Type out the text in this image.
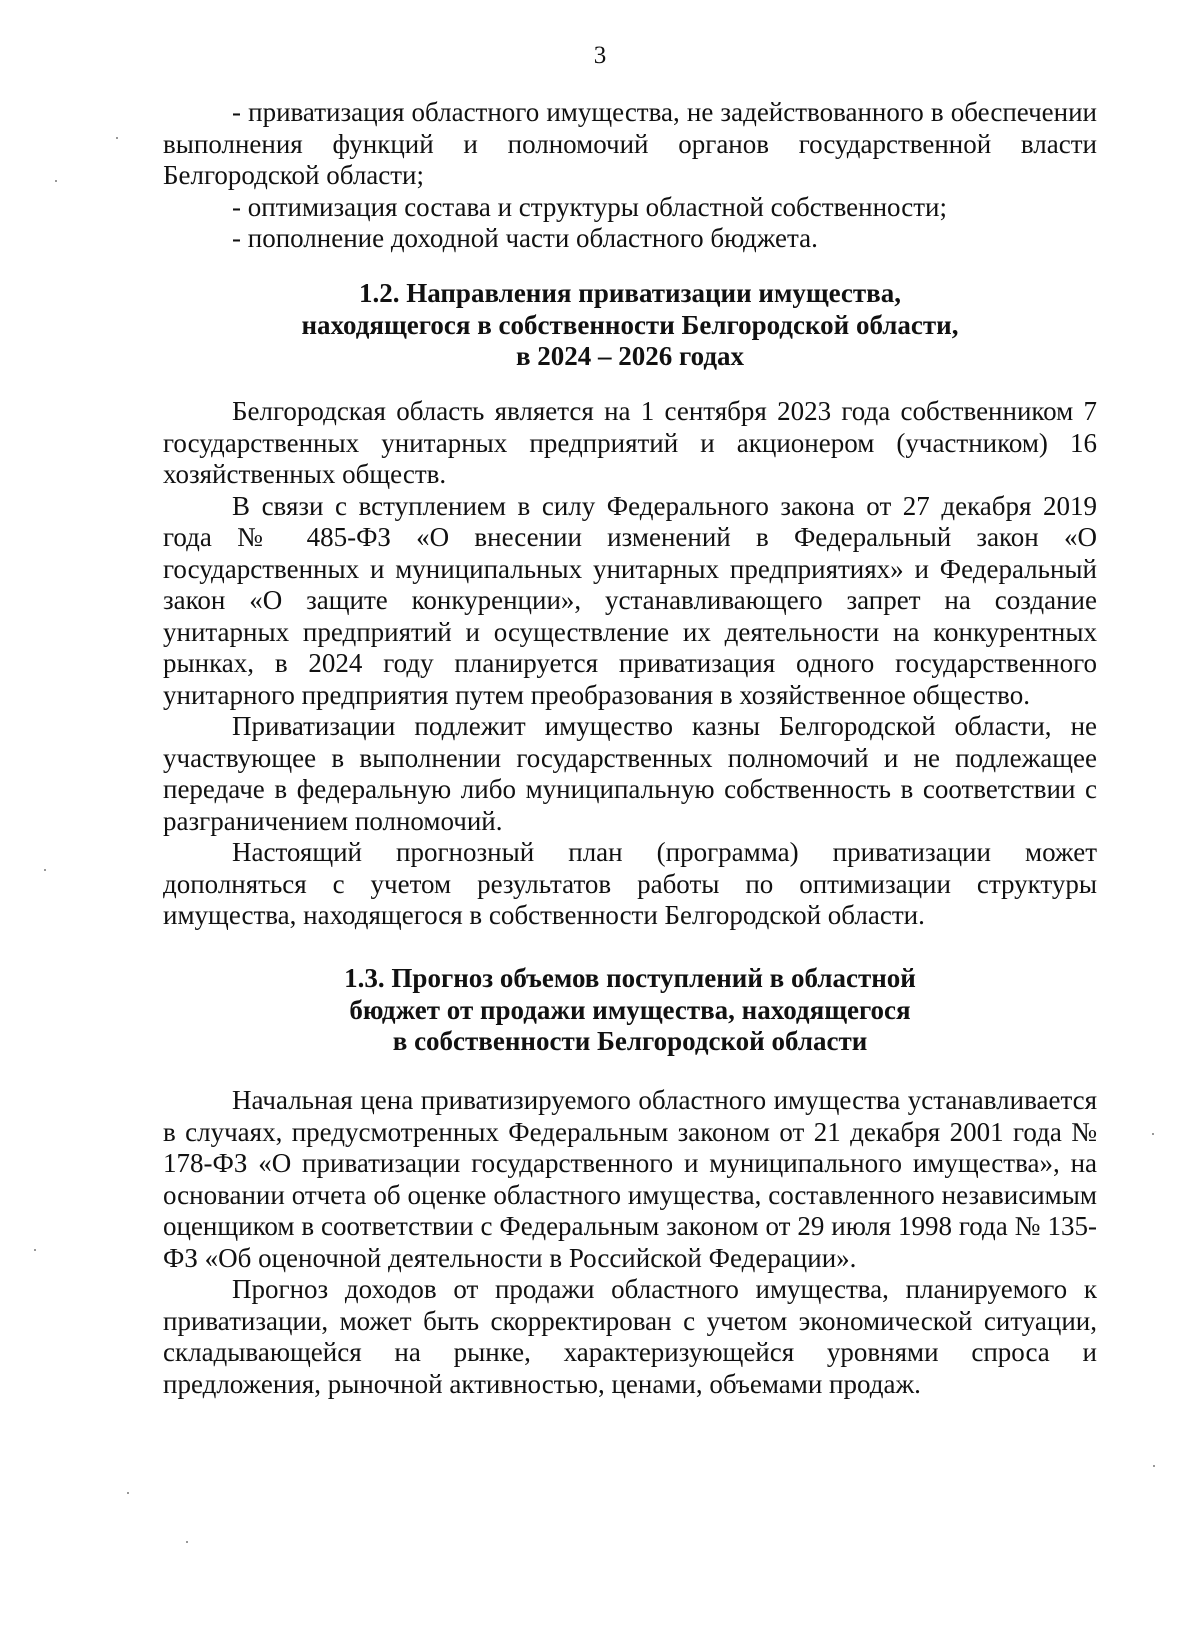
3

- приватизация областного имущества, не задействованного в обеспечении выполнения функций и полномочий органов государственной власти Белгородской области;

- оптимизация состава и структуры областной собственности;

- пополнение доходной части областного бюджета.

1.2. Направления приватизации имущества,
находящегося в собственности Белгородской области,
в 2024 – 2026 годах

Белгородская область является на 1 сентября 2023 года собственником 7 государственных унитарных предприятий и акционером (участником) 16 хозяйственных обществ.

В связи с вступлением в силу Федерального закона от 27 декабря 2019 года № 485-ФЗ «О внесении изменений в Федеральный закон «О государственных и муниципальных унитарных предприятиях» и Федеральный закон «О защите конкуренции», устанавливающего запрет на создание унитарных предприятий и осуществление их деятельности на конкурентных рынках, в 2024 году планируется приватизация одного государственного унитарного предприятия путем преобразования в хозяйственное общество.

Приватизации подлежит имущество казны Белгородской области, не участвующее в выполнении государственных полномочий и не подлежащее передаче в федеральную либо муниципальную собственность в соответствии с разграничением полномочий.

Настоящий прогнозный план (программа) приватизации может дополняться с учетом результатов работы по оптимизации структуры имущества, находящегося в собственности Белгородской области.

1.3. Прогноз объемов поступлений в областной
бюджет от продажи имущества, находящегося
в собственности Белгородской области

Начальная цена приватизируемого областного имущества устанавливается в случаях, предусмотренных Федеральным законом от 21 декабря 2001 года № 178-ФЗ «О приватизации государственного и муниципального имущества», на основании отчета об оценке областного имущества, составленного независимым оценщиком в соответствии с Федеральным законом от 29 июля 1998 года № 135-ФЗ «Об оценочной деятельности в Российской Федерации».

Прогноз доходов от продажи областного имущества, планируемого к приватизации, может быть скорректирован с учетом экономической ситуации, складывающейся на рынке, характеризующейся уровнями спроса и предложения, рыночной активностью, ценами, объемами продаж.
